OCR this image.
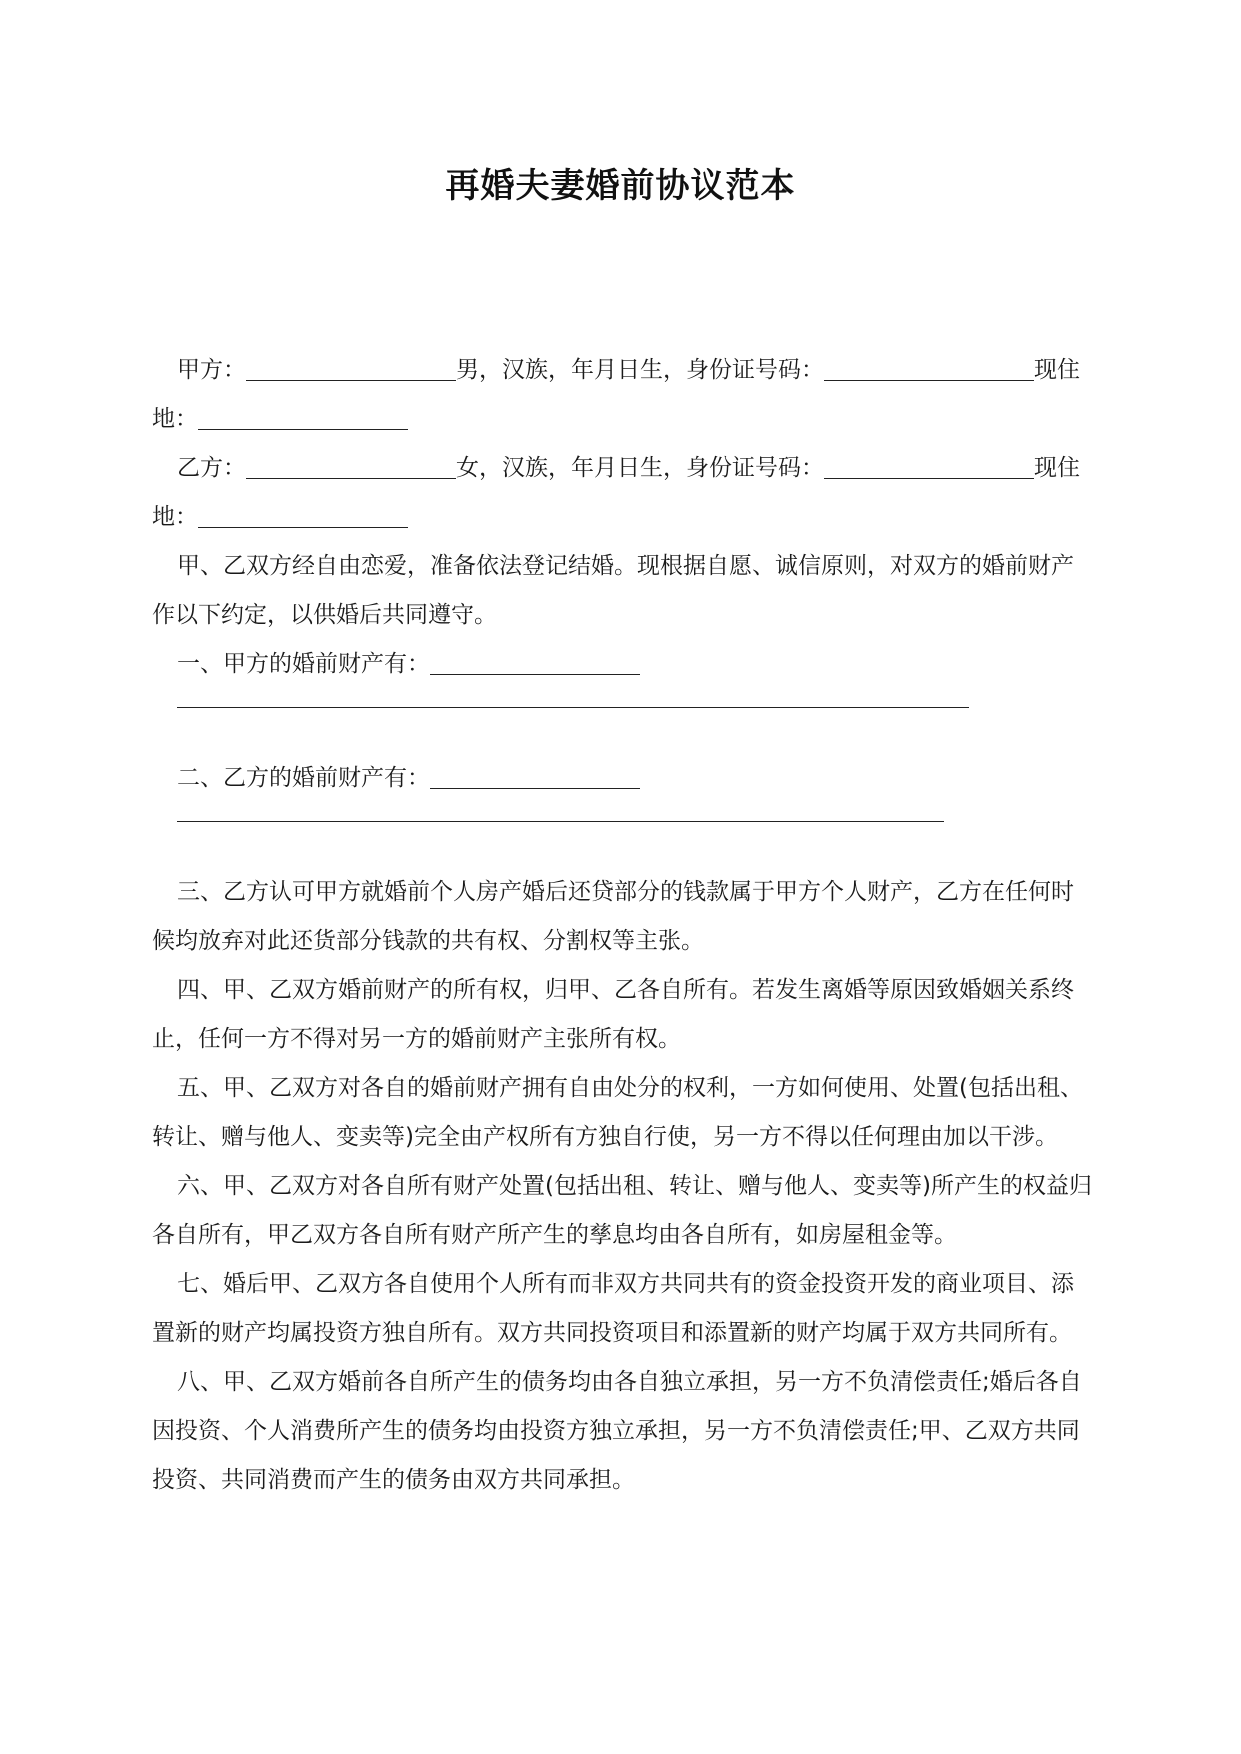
再婚夫妻婚前协议范本

甲方：	男，汉族，年月日生，身份证号码：	现住地：

乙方：	女，汉族，年月日生，身份证号码：	现住地：

甲、乙双方经自由恋爱，准备依法登记结婚。现根据自愿、诚信原则，对双方的婚前财产作以下约定，以供婚后共同遵守。

一、甲方的婚前财产有：

二、乙方的婚前财产有：

三、乙方认可甲方就婚前个人房产婚后还贷部分的钱款属于甲方个人财产，乙方在任何时候均放弃对此还货部分钱款的共有权、分割权等主张。

四、甲、乙双方婚前财产的所有权，归甲、乙各自所有。若发生离婚等原因致婚姻关系终止，任何一方不得对另一方的婚前财产主张所有权。

五、甲、乙双方对各自的婚前财产拥有自由处分的权利，一方如何使用、处置(包括出租、转让、赠与他人、变卖等)完全由产权所有方独自行使，另一方不得以任何理由加以干涉。

六、甲、乙双方对各自所有财产处置(包括出租、转让、赠与他人、变卖等)所产生的权益归各自所有，甲乙双方各自所有财产所产生的孳息均由各自所有，如房屋租金等。

七、婚后甲、乙双方各自使用个人所有而非双方共同共有的资金投资开发的商业项目、添置新的财产均属投资方独自所有。双方共同投资项目和添置新的财产均属于双方共同所有。

八、甲、乙双方婚前各自所产生的债务均由各自独立承担，另一方不负清偿责任;婚后各自因投资、个人消费所产生的债务均由投资方独立承担，另一方不负清偿责任;甲、乙双方共同投资、共同消费而产生的债务由双方共同承担。
